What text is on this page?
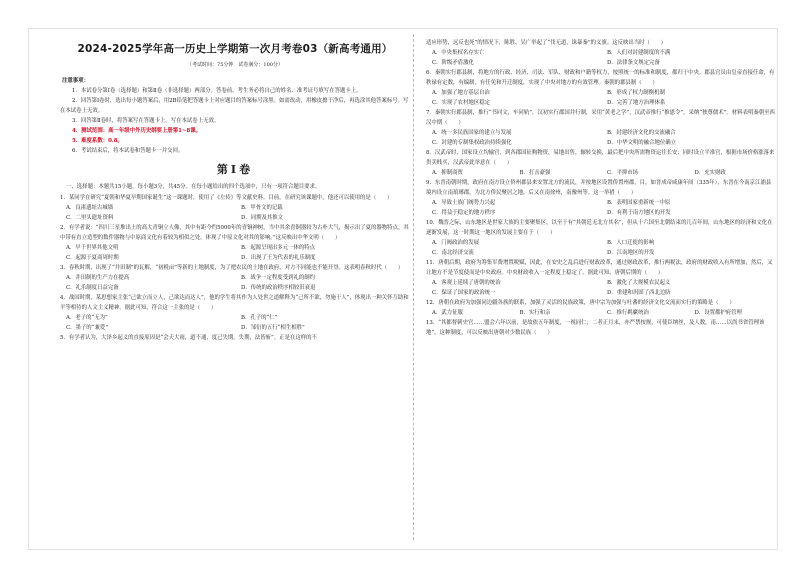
2024-2025学年高一历史上学期第一次月考卷03（新高考通用）
（考试时间：75分钟　试卷满分：100分）

注意事项：

1．本试卷分第Ⅰ卷（选择题）和第Ⅱ卷（非选择题）两部分。答卷前，考生务必将自己的姓名、准考证号填写在答题卡上。

2．回答第Ⅰ卷时，选出每小题答案后，用2B铅笔把答题卡上对应题目的答案标号涂黑。如需改动，用橡皮擦干净后，再选涂其他答案标号。写在本试卷上无效。

3．回答第Ⅱ卷时，将答案写在答题卡上。写在本试卷上无效。

4．测试范围：高一年级中外历史纲要上册第1~8课。

5．难度系数：0.8。

6．考试结束后，将本试卷和答题卡一并交回。

第Ⅰ卷

一、选择题：本题共15小题，每小题3分，共45分。在每小题给出的四个选项中，只有一项符合题目要求。

1．某同学在研究“夏朝和华夏早期国家诞生”这一课题时，使用了《左传》等文献史料。目前，在研究该课题中，他还可以使用的是（　　）

A．良渚遗址古城墙	B．甲骨文的记载
C．二里头遗址资料	D．同期及其推文

2．有学者说：“四川三星堆出土的高大青铜立人像，其中有距今约5000年的青铜神树，当中其余青铜器较为古朴大气，揭示出了夏的器物特点，其中带有直立造型的数件器物与中原商文化有着较为相似之处，体现了中原文化对其的影响。”这反映出中华文明（　　）

A．早于世界其他文明	B．起源呈现出多元一体的特点
C．起源于夏商周时期	D．出现了王为代表的礼乐制度

3．春秋时期，出现了“井田制”的瓦解，“初税亩”等新的土地制度，为了把农民的土地在政府，对方不同能也不能开垦。这表明春秋时代（　　）

A．井田制的生产力在提高	B．战争一定程度受到礼的制约
C．礼乐制度日益完备	D．传统的政治秩序相较旧衰退

4．战国时期，某思想家主张“己欲立而立人，己欲达而达人”，他的学生将其作为人处世之道解释为“己所不欲，勿施于人”，体现出一种关怀互助和平等相待的人文主义精神。据此可知，符合这一主张的是（　　）

A．老子的“无为”	B．孔子的“仁”
C．墨子的“兼爱”	D．邹衍的五行“相生相胜”

5．有学者认为，大泽乡起义的直接原因是“会天大雨，道不通，度已失期。失期，法皆斩”。正是在这样的不

适应形势，远反也死”的情况下，陈胜、吴广举起了“伐无道，诛暴秦”的义旗。这反映出当时（　　）

A．中央集权名存实亡	B．人们对封建制度的不满
C．阶级矛盾激化	D．法律条文规定完备

6．秦朝实行郡县制，将地方的行政、经济、司法、军队、财政和户籍等权力，按照统一的标准和制度，都归于中央。郡县官员由皇帝直接任命，有秩禄有定数，有编制，有任免和升迁制度，实现了中央对地方的有效管理。秦朝的郡县制（　　）

A．加强了地方基层自治	B．形成了权力制衡机制
C．实现了农村地区稳定	D．完善了地方治理体系

7．秦朝实行郡县制，推行“书同文，车同轨”，汉初实行郡国并行制，采用“黄老之学”，汉武帝推行“推恩令”，采纳“独尊儒术”。材料表明秦朝至西汉中期（　　）

A．统一多民族国家的建立与发展	B．封建经济文化的交流融合
C．封建的专制集权政治持续强化	D．中华文明的融合地位确立

8．汉武帝时，国家设立均输官，到各郡国征购物资，易地出售，辗转交换，最后把中央所需物资运往长安；同时设立平准官，根据市场价格涨落来贵卖贱买，汉武帝此举意在（　　）

A．抑制商贾	B．打击豪强	C．平抑市场	D．充实财政

9．东晋南朝时期，政府在南方设立侨州郡县来安置北方的流民，并按地区设置侨置州郡，目，如晋成帝咸康年间（335年），东晋在今南京江浦县境内设立南琅琊郡，为北方侨民聚居之地，后又在南徐州，南豫州等。这一举措（　　）

A．导致士族门阀势力兴起	B．表明国家重新统一中原
C．得益于稳定的地方秩序	D．有利于南方地区的开发

10．魏晋之际，山东地区是世家大族的主要聚集区，以至于有“其朝廷无北方其名”，但从十六国至北朝结束的几百年间，山东地区的经济和文化在逐渐发展，这一时期这一地区的发展主要在于（　　）

A．门阀政治的发展	B．人口迁徙的影响
C．南北经济交流	D．江南地区的开发

11．唐朝后期，政府为筹集军费增置税赋，因此，在安史之乱后进行财政改革，通过财政改革，推行两税法，政府的财政收入有所增加，然后，又让地方不是节度使而是中央政府。中央财政收入一定程度上稳定了。据此可知，唐朝后期的（　　）

A．客观上延续了唐朝的统治	B．激化了大规模农民起义
C．保证了国家的政治统一	D．重建和巩固了西北边防

12．唐朝在政府为加强同边疆各族的联系，加强了灵活的民族政策，唐中宗为加强与吐蕃的经济文化交流而实行的策略是（　　）

A．武力征服	B．实行和亲	C．推行羁縻统治	D．设置都护府管理

13．“其都督刺史官……盟会六年以前，是故依五年制度，一视同仁；二者正月末，亦严禁按规，可使臣纳丝，及人数，南……以尚书省管理该地”，这种制度，可以反映出唐朝对少数民族（　　）
